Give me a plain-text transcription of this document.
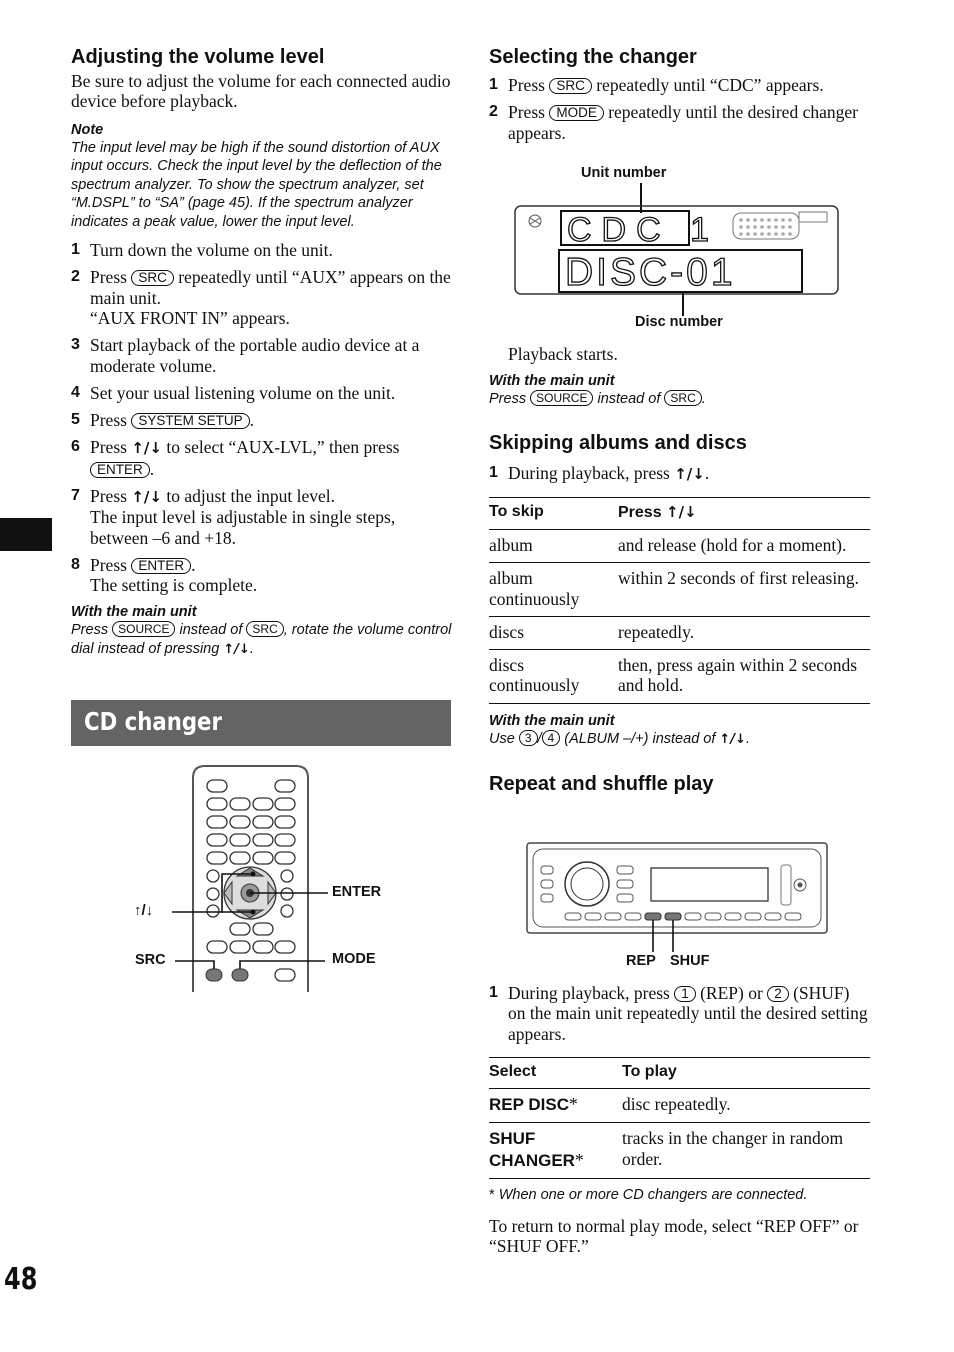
Adjusting the volume level

Be sure to adjust the volume for each connected audio device before playback.

Note
The input level may be high if the sound distortion of AUX input occurs. Check the input level by the deflection of the spectrum analyzer. To show the spectrum analyzer, set “M.DSPL” to “SA” (page 45). If the spectrum analyzer indicates a peak value, lower the input level.
1 Turn down the volume on the unit.
2 Press SRC repeatedly until “AUX” appears on the main unit.
“AUX FRONT IN” appears.
3 Start playback of the portable audio device at a moderate volume.
4 Set your usual listening volume on the unit.
5 Press SYSTEM SETUP .
6 Press ↑/↓ to select “AUX-LVL,” then press ENTER .
7 Press ↑/↓ to adjust the input level.
The input level is adjustable in single steps, between –6 and +18.
8 Press ENTER .
The setting is complete.
With the main unit
Press SOURCE instead of SRC , rotate the volume control dial instead of pressing ↑/↓.
CD changer
ENTER
↑/↓
SRC	MODE
Selecting the changer
1 Press SRC repeatedly until “CDC” appears.
2 Press MODE repeatedly until the desired changer appears.
Unit number
CDC 1
DISC-01
Disc number

Playback starts.

With the main unit
Press SOURCE instead of SRC .
Skipping albums and discs
1 During playback, press ↑/↓.
To skip	Press ↑/↓
album	and release (hold for a moment).
album continuously	within 2 seconds of first releasing.
discs	repeatedly.
discs continuously	then, press again within 2 seconds and hold.
With the main unit
Use 3 / 4 (ALBUM –/+) instead of ↑/↓.
Repeat and shuffle play
REP SHUF
1 During playback, press 1 (REP) or 2 (SHUF) on the main unit repeatedly until the desired setting appears.
Select	To play
REP DISC*	disc repeatedly.
SHUF CHANGER*	tracks in the changer in random order.
* When one or more CD changers are connected.

To return to normal play mode, select “REP OFF” or “SHUF OFF.”

48
